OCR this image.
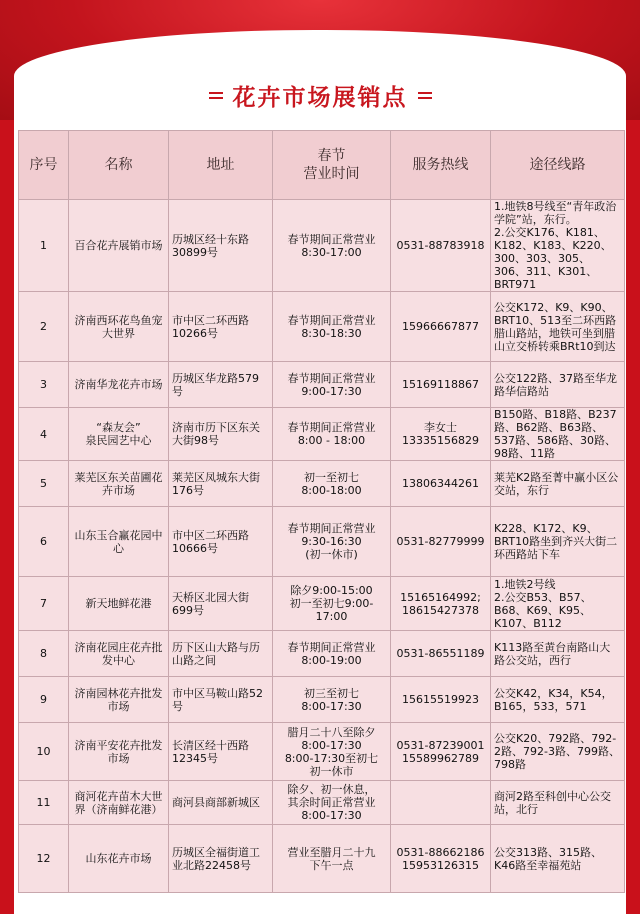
花卉市场展销点
序号	名称	地址	春节
营业时间	服务热线	途径线路
1	百合花卉展销市场	历城区经十东路30899号	春节期间正常营业
8:30-17:00	0531-88783918	1.地铁8号线至“青年政治学院”站，东行。
2.公交K176、K181、K182、K183、K220、300、303、305、306、311、K301、BRT971
2	济南西环花鸟鱼宠大世界	市中区二环西路10266号	春节期间正常营业
8:30-18:30	15966667877	公交K172、K9、K90、BRT10、513至二环西路腊山路站，地铁可坐到腊山立交桥转乘BRt10到达
3	济南华龙花卉市场	历城区华龙路579号	春节期间正常营业
9:00-17:30	15169118867	公交122路、37路至华龙路华信路站
4	“森友会”
泉民园艺中心	济南市历下区东关大街98号	春节期间正常营业
8:00 - 18:00	李女士
13335156829	B150路、B18路、B237路、B62路、B63路、537路、586路、30路、98路、11路
5	莱芜区东关苗圃花卉市场	莱芜区凤城东大街176号	初一至初七
8:00-18:00	13806344261	莱芜K2路至菁中赢小区公交站，东行
6	山东玉合赢花园中心	市中区二环西路10666号	春节期间正常营业
9:30-16:30
(初一休市)	0531-82779999	K228、K172、K9、BRT10路坐到齐兴大街二环西路站下车
7	新天地鲜花港	天桥区北园大街699号	除夕9:00-15:00
初一至初七9:00-17:00	15165164992;
18615427378	1.地铁2号线
2.公交B53、B57、B68、K69、K95、K107、B112
8	济南花园庄花卉批发中心	历下区山大路与历山路之间	春节期间正常营业8:00-19:00	0531-86551189	K113路至黄台南路山大路公交站，西行
9	济南园林花卉批发市场	市中区马鞍山路52号	初三至初七
8:00-17:30	15615519923	公交K42，K34，K54，B165，533，571
10	济南平安花卉批发市场	长清区经十西路12345号	腊月二十八至除夕
8:00-17:30
8:00-17:30至初七
初一休市	0531-87239001
15589962789	公交K20、792路、792-2路、792-3路、799路、798路
11	商河花卉苗木大世界（济南鲜花港）	商河县商部新城区	除夕、初一休息，
其余时间正常营业
8:00-17:30		商河2路至科创中心公交站，北行
12	山东花卉市场	历城区全福街道工业北路22458号	营业至腊月二十九
下午一点	0531-88662186
15953126315	公交313路、315路、K46路至幸福苑站
